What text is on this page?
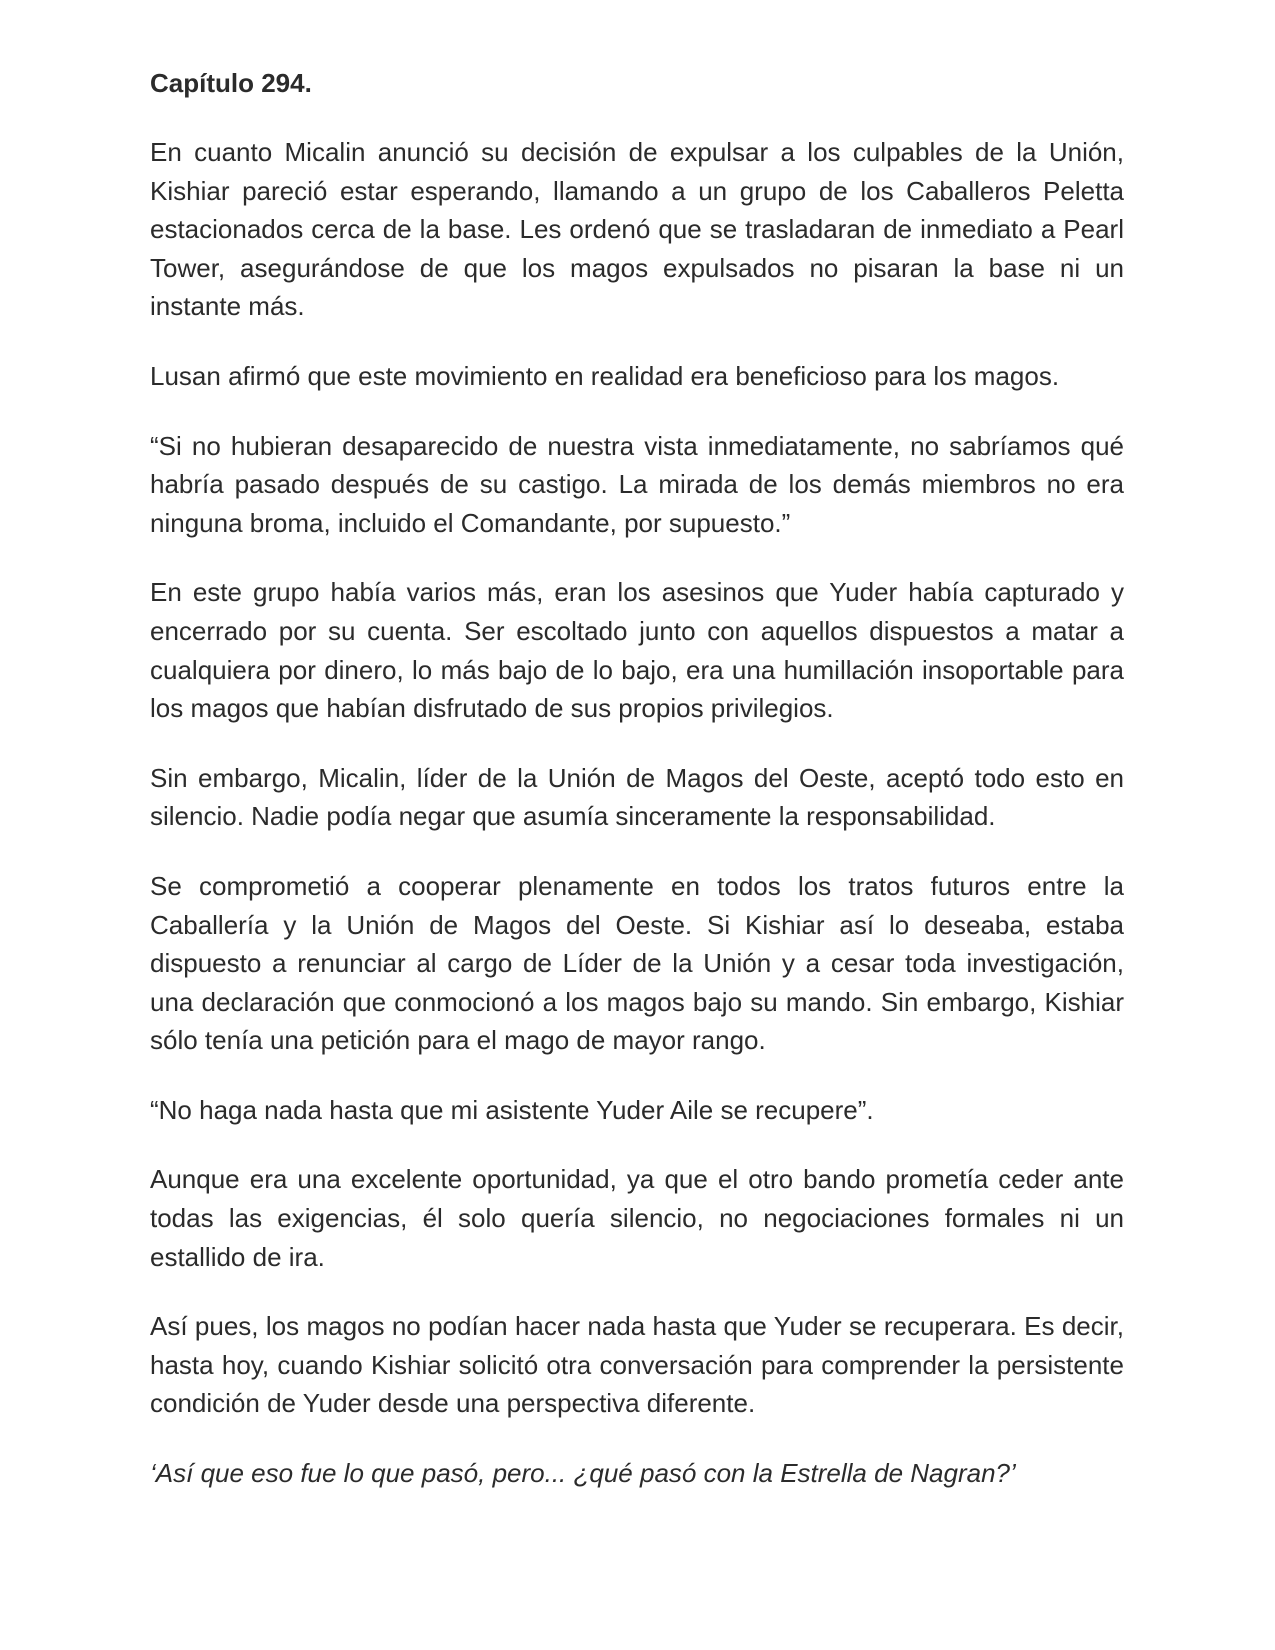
Capítulo 294.

En cuanto Micalin anunció su decisión de expulsar a los culpables de la Unión, Kishiar pareció estar esperando, llamando a un grupo de los Caballeros Peletta estacionados cerca de la base. Les ordenó que se trasladaran de inmediato a Pearl Tower, asegurándose de que los magos expulsados no pisaran la base ni un instante más.

Lusan afirmó que este movimiento en realidad era beneficioso para los magos.

“Si no hubieran desaparecido de nuestra vista inmediatamente, no sabríamos qué habría pasado después de su castigo. La mirada de los demás miembros no era ninguna broma, incluido el Comandante, por supuesto.”

En este grupo había varios más, eran los asesinos que Yuder había capturado y encerrado por su cuenta. Ser escoltado junto con aquellos dispuestos a matar a cualquiera por dinero, lo más bajo de lo bajo, era una humillación insoportable para los magos que habían disfrutado de sus propios privilegios.

Sin embargo, Micalin, líder de la Unión de Magos del Oeste, aceptó todo esto en silencio. Nadie podía negar que asumía sinceramente la responsabilidad.

Se comprometió a cooperar plenamente en todos los tratos futuros entre la Caballería y la Unión de Magos del Oeste. Si Kishiar así lo deseaba, estaba dispuesto a renunciar al cargo de Líder de la Unión y a cesar toda investigación, una declaración que conmocionó a los magos bajo su mando. Sin embargo, Kishiar sólo tenía una petición para el mago de mayor rango.

“No haga nada hasta que mi asistente Yuder Aile se recupere”.

Aunque era una excelente oportunidad, ya que el otro bando prometía ceder ante todas las exigencias, él solo quería silencio, no negociaciones formales ni un estallido de ira.

Así pues, los magos no podían hacer nada hasta que Yuder se recuperara. Es decir, hasta hoy, cuando Kishiar solicitó otra conversación para comprender la persistente condición de Yuder desde una perspectiva diferente.

‘Así que eso fue lo que pasó, pero... ¿qué pasó con la Estrella de Nagran?’
